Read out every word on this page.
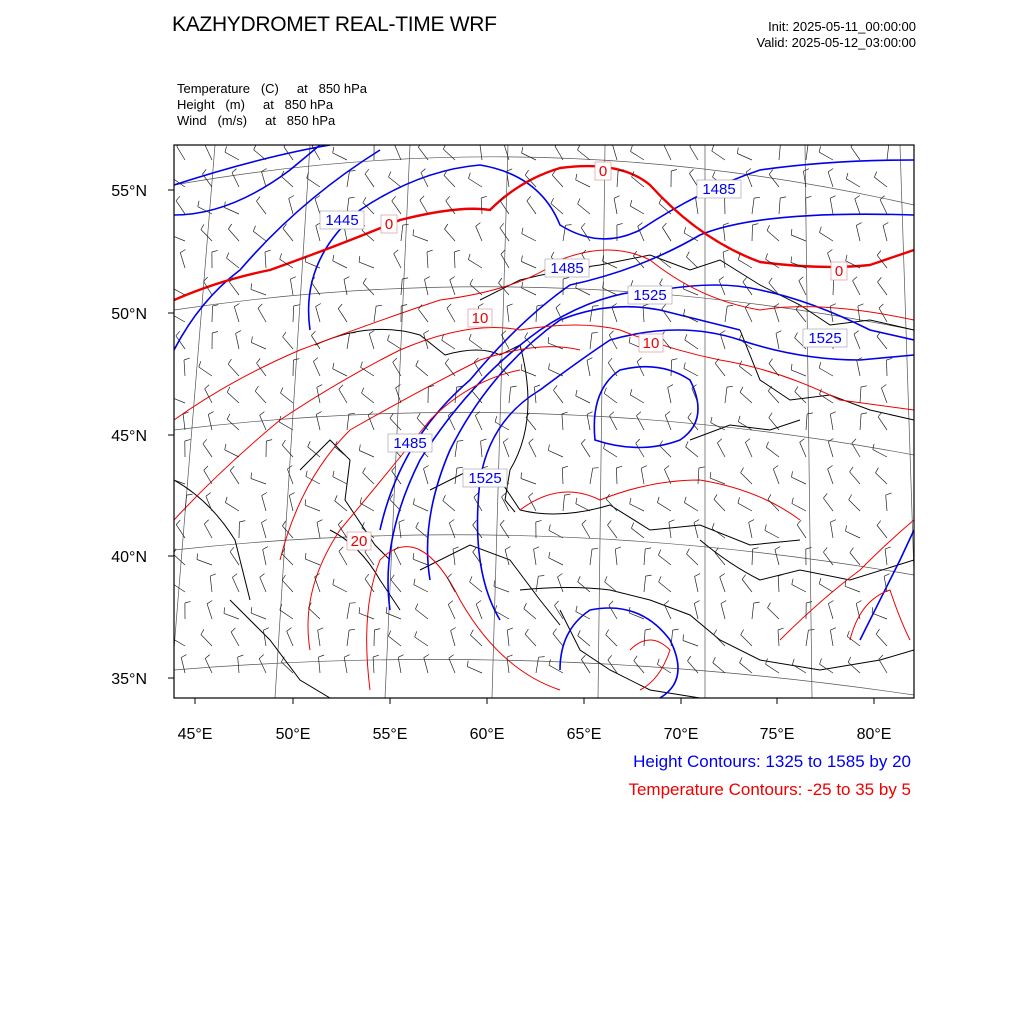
KAZHYDROMET REAL-TIME WRF	Init: 2025-05-11_00:00:00
Valid: 2025-05-12_03:00:00
Temperature   (C)     at   850 hPa
Height   (m)     at   850 hPa
Wind   (m/s)     at   850 hPa
55°N
50°N
45°N
40°N
35°N
45°E	50°E	55°E	60°E	65°E	70°E	75°E	80°E
1445
1485
1485
1485
1525
1525
1525
0
0
0
10
10
20
Height Contours: 1325 to 1585 by 20
Temperature Contours: -25 to 35 by 5
